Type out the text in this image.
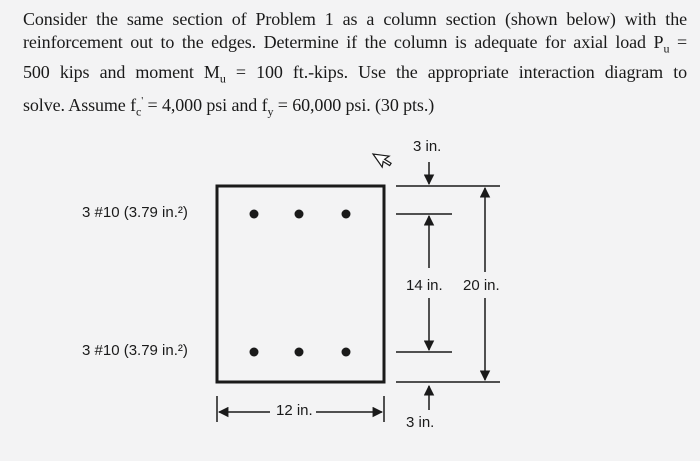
Consider the same section of Problem 1 as a column section (shown below) with the
reinforcement out to the edges. Determine if the column is adequate for axial load $P_u$ =
500 kips and moment $M_u = 100$ ft.-kips. Use the appropriate interaction diagram to
solve. Assume $f_c' = 4,000$ psi and $f_y = 60,000$ psi. (30 pts.)
3 #10 (3.79 in.²)
3 #10 (3.79 in.²)
3 in.
14 in. 20 in.
12 in.
3 in.
